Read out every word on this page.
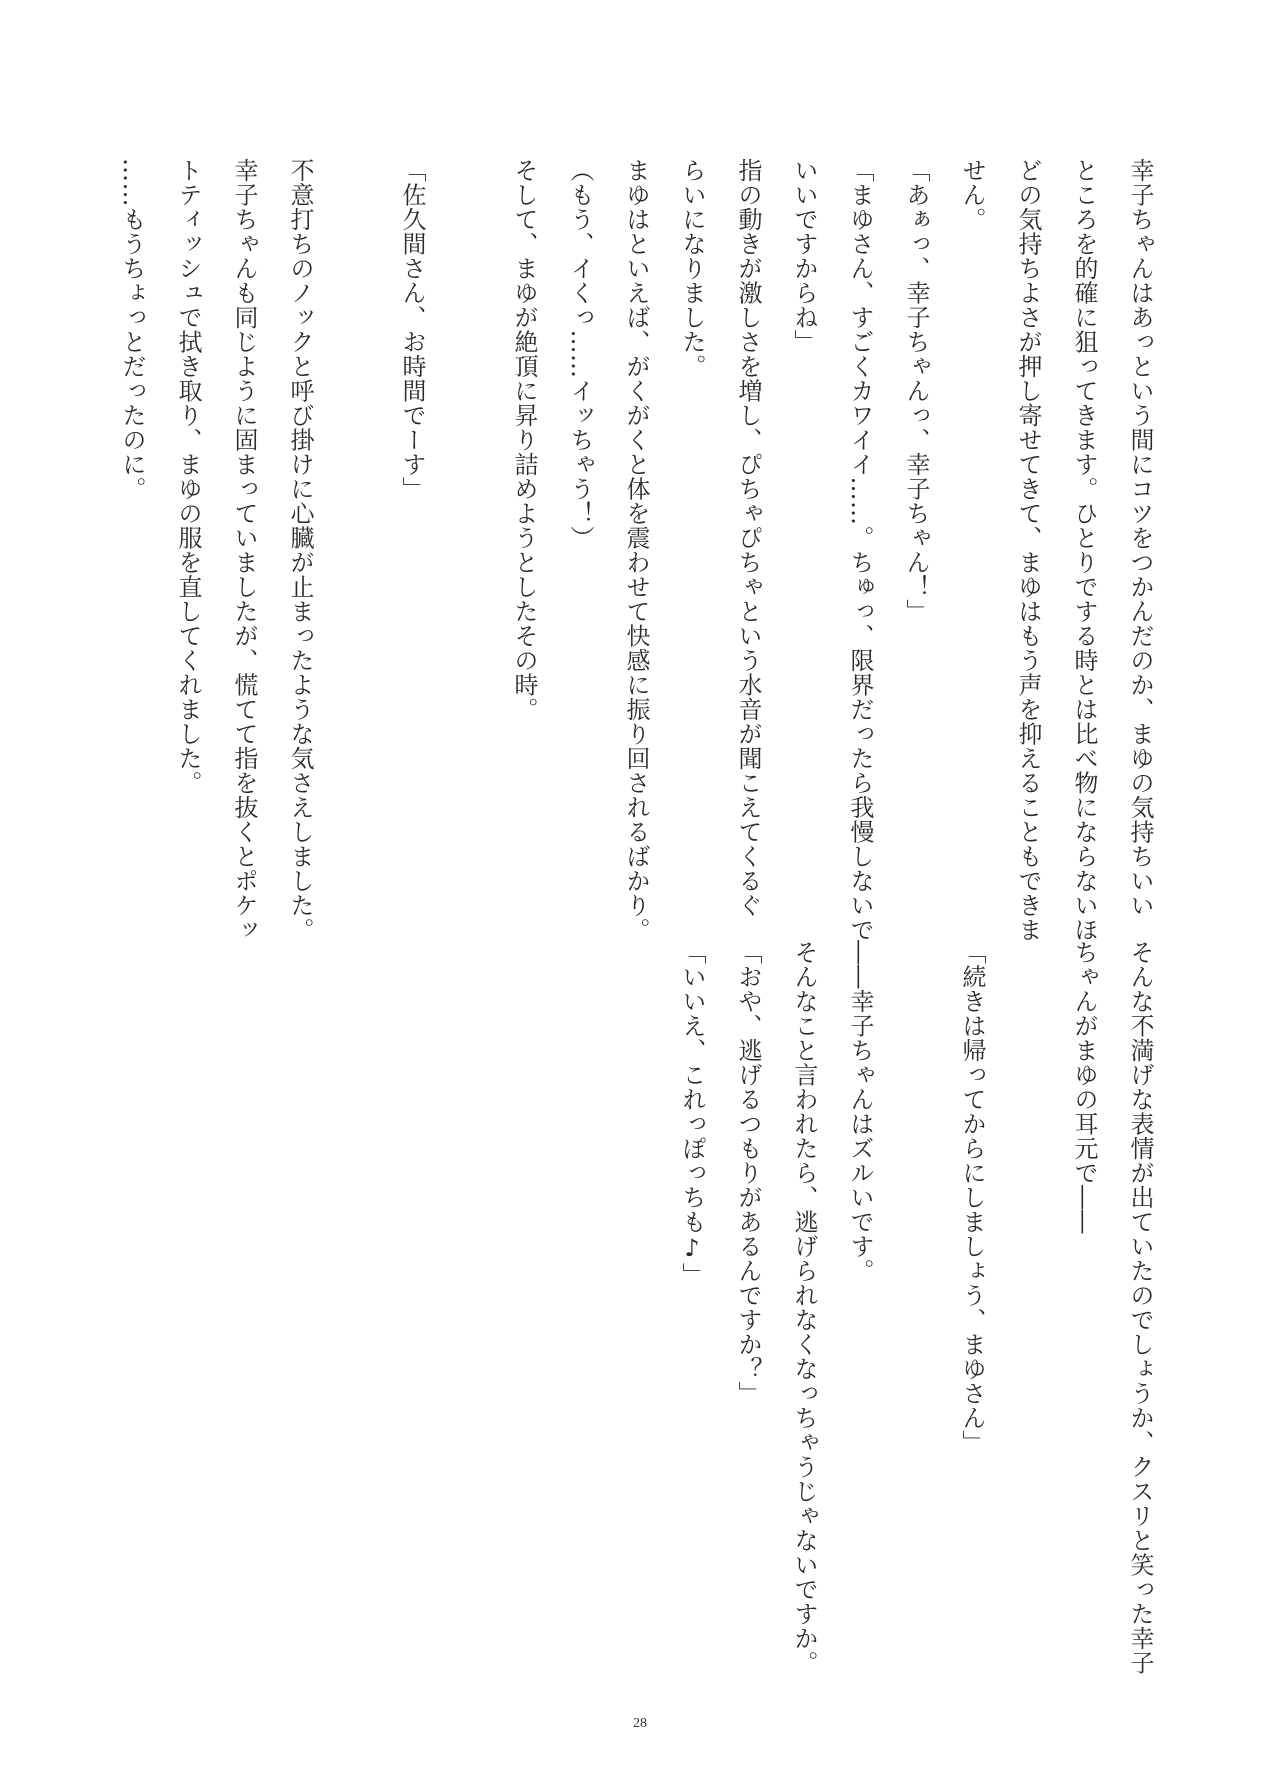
幸子ちゃんはあっという間にコツをつかんだのか、まゆの気持ちいい
ところを的確に狙ってきます。ひとりでする時とは比べ物にならないほ
どの気持ちよさが押し寄せてきて、まゆはもう声を抑えることもできま
せん。
「あぁっ、幸子ちゃんっ、幸子ちゃん！」
「まゆさん、すごくカワイイ……。ちゅっ、限界だったら我慢しないで
いいですからね」
指の動きが激しさを増し、ぴちゃぴちゃという水音が聞こえてくるぐ
らいになりました。
まゆはといえば、がくがくと体を震わせて快感に振り回されるばかり。
（もう、イくっ……イッちゃう！）
そして、まゆが絶頂に昇り詰めようとしたその時。
「佐久間さん、お時間でーす」
不意打ちのノックと呼び掛けに心臓が止まったような気さえしました。
幸子ちゃんも同じように固まっていましたが、慌てて指を抜くとポケッ
トティッシュで拭き取り、まゆの服を直してくれました。
……もうちょっとだったのに。
そんな不満げな表情が出ていたのでしょうか、クスリと笑った幸子
ちゃんがまゆの耳元で――
「続きは帰ってからにしましょう、まゆさん」
――幸子ちゃんはズルいです。
そんなこと言われたら、逃げられなくなっちゃうじゃないですか。
「おや、逃げるつもりがあるんですか？」
「いいえ、これっぽっちも♪」
28
